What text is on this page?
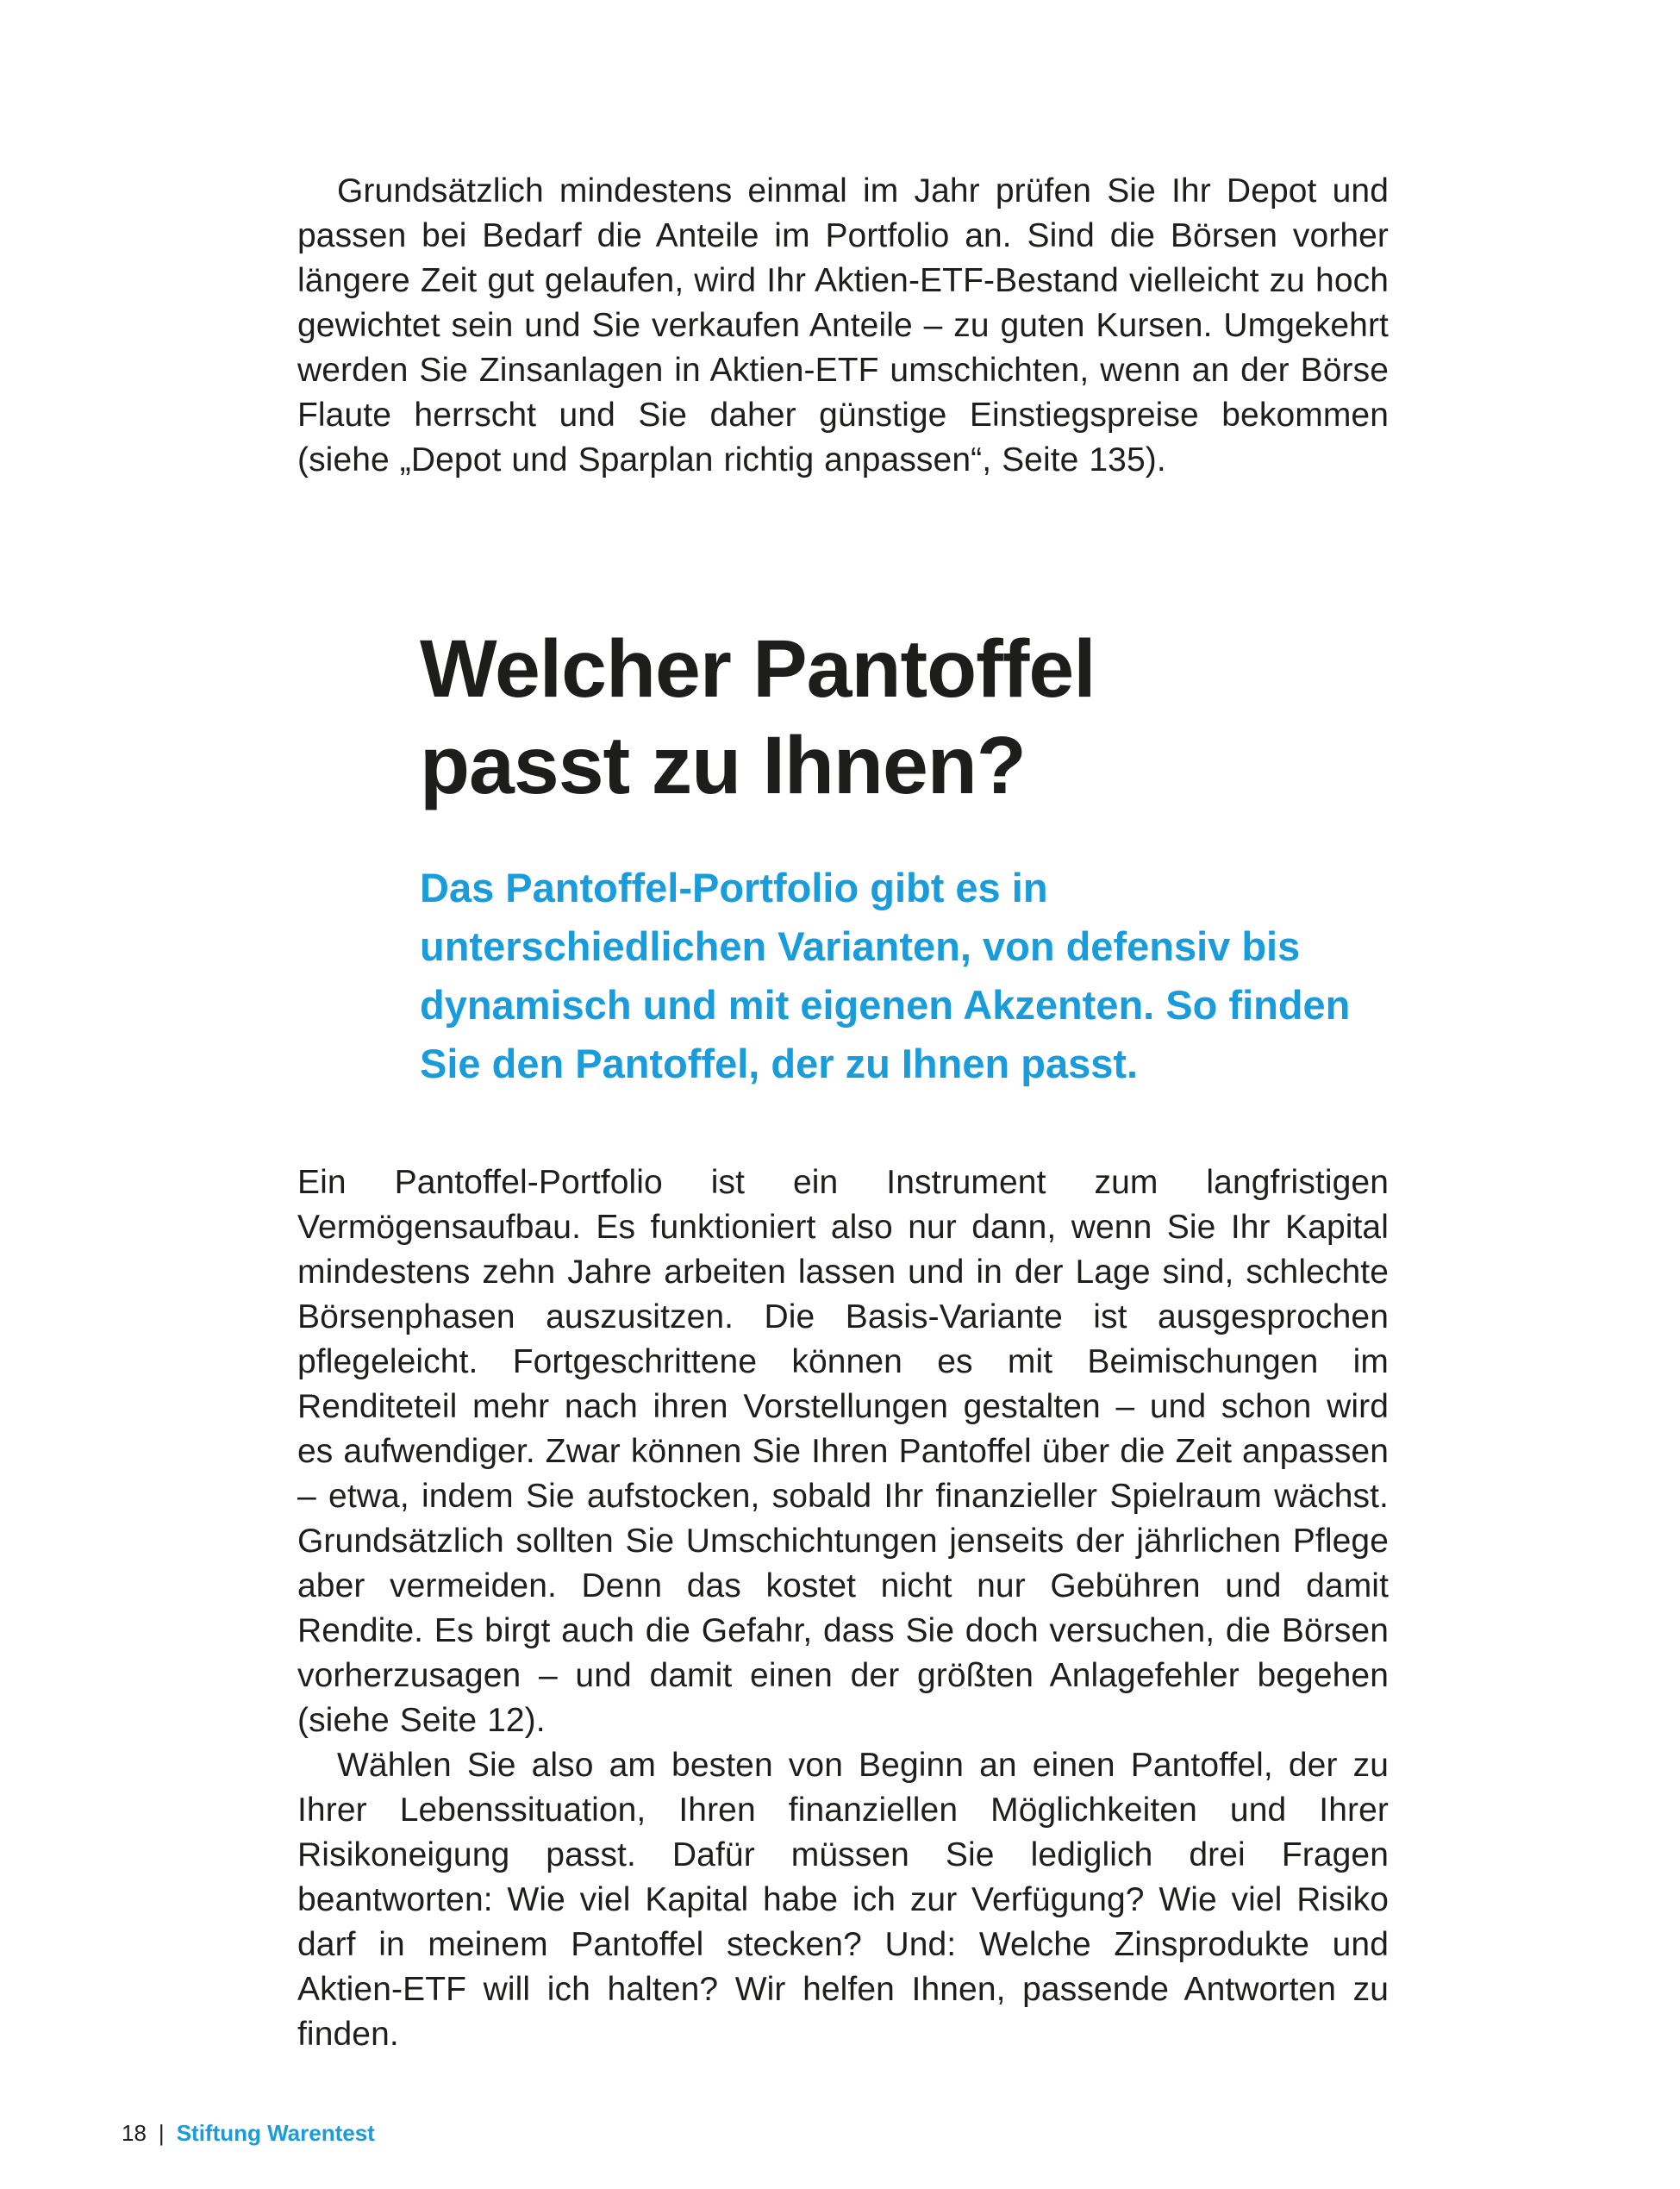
Grundsätzlich mindestens einmal im Jahr prüfen Sie Ihr Depot und passen bei Bedarf die Anteile im Portfolio an. Sind die Börsen vorher längere Zeit gut gelaufen, wird Ihr Aktien-ETF-Bestand vielleicht zu hoch gewichtet sein und Sie verkaufen Anteile – zu guten Kursen. Umgekehrt werden Sie Zinsanlagen in Aktien-ETF umschichten, wenn an der Börse Flaute herrscht und Sie daher günstige Einstiegspreise bekommen (siehe „Depot und Sparplan richtig anpassen“, Seite 135).

Welcher Pantoffel
passt zu Ihnen?

Das Pantoffel-Portfolio gibt es in unterschiedlichen Varianten, von defensiv bis dynamisch und mit eigenen Akzenten. So finden Sie den Pantoffel, der zu Ihnen passt.

Ein Pantoffel-Portfolio ist ein Instrument zum langfristigen Vermögensaufbau. Es funktioniert also nur dann, wenn Sie Ihr Kapital mindestens zehn Jahre arbeiten lassen und in der Lage sind, schlechte Börsenphasen auszusitzen. Die Basis-Variante ist ausgesprochen pflegeleicht. Fortgeschrittene können es mit Beimischungen im Renditeteil mehr nach ihren Vorstellungen gestalten – und schon wird es aufwendiger. Zwar können Sie Ihren Pantoffel über die Zeit anpassen – etwa, indem Sie aufstocken, sobald Ihr finanzieller Spielraum wächst. Grundsätzlich sollten Sie Umschichtungen jenseits der jährlichen Pflege aber vermeiden. Denn das kostet nicht nur Gebühren und damit Rendite. Es birgt auch die Gefahr, dass Sie doch versuchen, die Börsen vorherzusagen – und damit einen der größten Anlagefehler begehen (siehe Seite 12).

Wählen Sie also am besten von Beginn an einen Pantoffel, der zu Ihrer Lebenssituation, Ihren finanziellen Möglichkeiten und Ihrer Risikoneigung passt. Dafür müssen Sie lediglich drei Fragen beantworten: Wie viel Kapital habe ich zur Verfügung? Wie viel Risiko darf in meinem Pantoffel stecken? Und: Welche Zinsprodukte und Aktien-ETF will ich halten? Wir helfen Ihnen, passende Antworten zu finden.

18 | Stiftung Warentest
